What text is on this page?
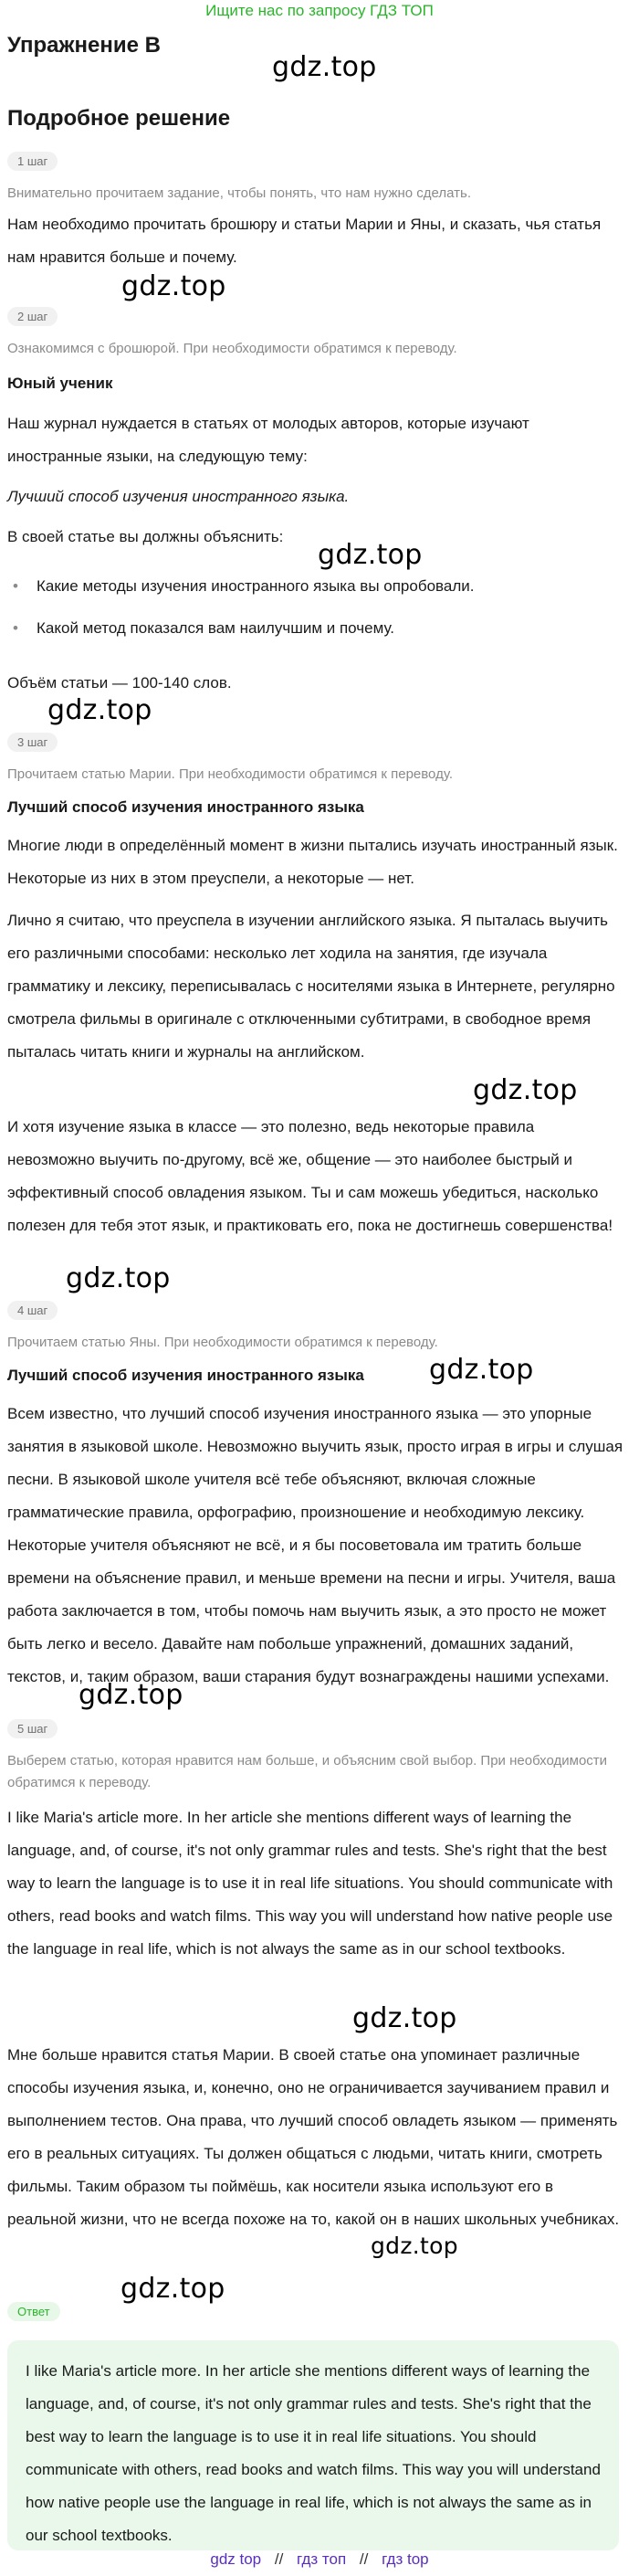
Ищите нас по запросу ГДЗ ТОП
Упражнение B
gdz.top
Подробное решение
1 шаг
Внимательно прочитаем задание, чтобы понять, что нам нужно сделать.

Нам необходимо прочитать брошюру и статьи Марии и Яны, и сказать, чья статья нам нравится больше и почему.

gdz.top
2 шаг
Ознакомимся с брошюрой. При необходимости обратимся к переводу.
Юный ученик

Наш журнал нуждается в статьях от молодых авторов, которые изучают иностранные языки, на следующую тему:

Лучший способ изучения иностранного языка.

В своей статье вы должны объяснить:

gdz.top
• Какие методы изучения иностранного языка вы опробовали.
• Какой метод показался вам наилучшим и почему.

Объём статьи — 100-140 слов.

gdz.top
3 шаг
Прочитаем статью Марии. При необходимости обратимся к переводу.
Лучший способ изучения иностранного языка

Многие люди в определённый момент в жизни пытались изучать иностранный язык. Некоторые из них в этом преуспели, а некоторые — нет.

Лично я считаю, что преуспела в изучении английского языка. Я пыталась выучить его различными способами: несколько лет ходила на занятия, где изучала грамматику и лексику, переписывалась с носителями языка в Интернете, регулярно смотрела фильмы в оригинале с отключенными субтитрами, в свободное время пыталась читать книги и журналы на английском.

gdz.top

И хотя изучение языка в классе — это полезно, ведь некоторые правила невозможно выучить по-другому, всё же, общение — это наиболее быстрый и эффективный способ овладения языком. Ты и сам можешь убедиться, насколько полезен для тебя этот язык, и практиковать его, пока не достигнешь совершенства!

gdz.top
4 шаг
Прочитаем статью Яны. При необходимости обратимся к переводу.
Лучший способ изучения иностранного языка gdz.top

Всем известно, что лучший способ изучения иностранного языка — это упорные занятия в языковой школе. Невозможно выучить язык, просто играя в игры и слушая песни. В языковой школе учителя всё тебе объясняют, включая сложные грамматические правила, орфографию, произношение и необходимую лексику. Некоторые учителя объясняют не всё, и я бы посоветовала им тратить больше времени на объяснение правил, и меньше времени на песни и игры. Учителя, ваша работа заключается в том, чтобы помочь нам выучить язык, а это просто не может быть легко и весело. Давайте нам побольше упражнений, домашних заданий, текстов, и, таким образом, ваши старания будут вознаграждены нашими успехами.

gdz.top
5 шаг
Выберем статью, которая нравится нам больше, и объясним свой выбор. При необходимости обратимся к переводу.

I like Maria's article more. In her article she mentions different ways of learning the language, and, of course, it's not only grammar rules and tests. She's right that the best way to learn the language is to use it in real life situations. You should communicate with others, read books and watch films. This way you will understand how native people use the language in real life, which is not always the same as in our school textbooks.

gdz.top

Мне больше нравится статья Марии. В своей статье она упоминает различные способы изучения языка, и, конечно, оно не ограничивается заучиванием правил и выполнением тестов. Она права, что лучший способ овладеть языком — применять его в реальных ситуациях. Ты должен общаться с людьми, читать книги, смотреть фильмы. Таким образом ты поймёшь, как носители языка используют его в реальной жизни, что не всегда похоже на то, какой он в наших школьных учебниках.

gdz.top
gdz.top
Ответ
I like Maria's article more. In her article she mentions different ways of learning the language, and, of course, it's not only grammar rules and tests. She's right that the best way to learn the language is to use it in real life situations. You should communicate with others, read books and watch films. This way you will understand how native people use the language in real life, which is not always the same as in our school textbooks.
gdz top // гдз топ // гдз top
